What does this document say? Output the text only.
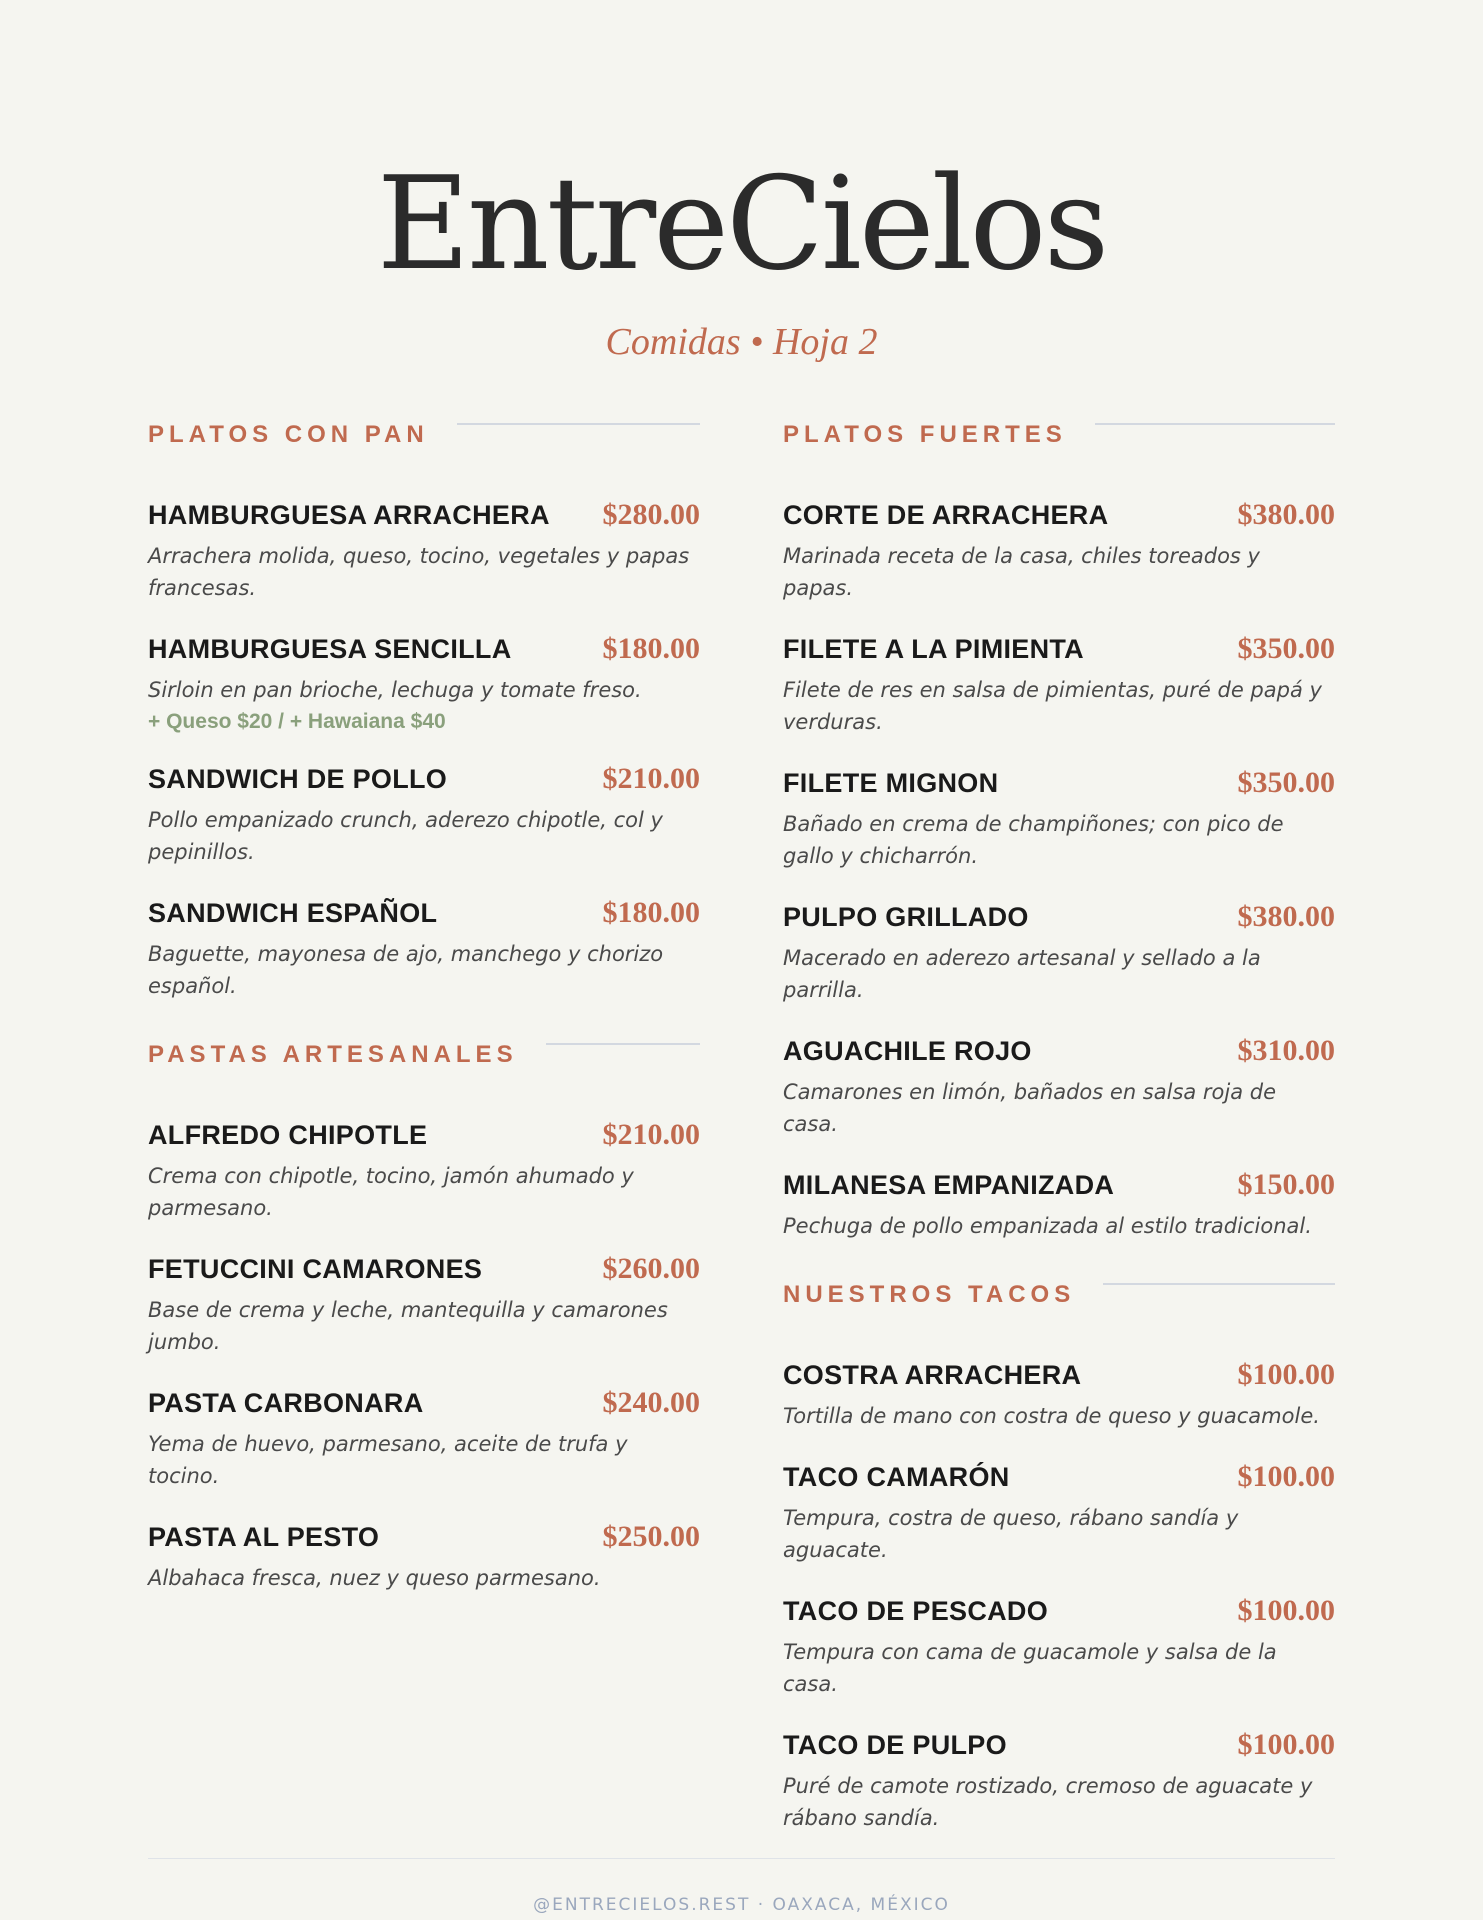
EntreCielos
Comidas • Hoja 2
PLATOS CON PAN
HAMBURGUESA ARRACHERA $280.00
Arrachera molida, queso, tocino, vegetales y papas francesas.
HAMBURGUESA SENCILLA	$180.00
Sirloin en pan brioche, lechuga y tomate freso.
+ Queso $20 / + Hawaiana $40
SANDWICH DE POLLO	$210.00
Pollo empanizado crunch, aderezo chipotle, col y pepinillos.
SANDWICH ESPAÑOL	$180.00
Baguette, mayonesa de ajo, manchego y chorizo español.
PASTAS ARTESANALES
ALFREDO CHIPOTLE	$210.00
Crema con chipotle, tocino, jamón ahumado y parmesano.
FETUCCINI CAMARONES	$260.00
Base de crema y leche, mantequilla y camarones jumbo.
PASTA CARBONARA	$240.00
Yema de huevo, parmesano, aceite de trufa y tocino.
PASTA AL PESTO	$250.00
Albahaca fresca, nuez y queso parmesano.
PLATOS FUERTES
CORTE DE ARRACHERA	$380.00
Marinada receta de la casa, chiles toreados y papas.
FILETE A LA PIMIENTA	$350.00
Filete de res en salsa de pimientas, puré de papá y verduras.
FILETE MIGNON	$350.00
Bañado en crema de champiñones; con pico de gallo y chicharrón.
PULPO GRILLADO	$380.00
Macerado en aderezo artesanal y sellado a la parrilla.
AGUACHILE ROJO	$310.00
Camarones en limón, bañados en salsa roja de casa.
MILANESA EMPANIZADA	$150.00
Pechuga de pollo empanizada al estilo tradicional.
NUESTROS TACOS
COSTRA ARRACHERA	$100.00
Tortilla de mano con costra de queso y guacamole.
TACO CAMARÓN	$100.00
Tempura, costra de queso, rábano sandía y aguacate.
TACO DE PESCADO	$100.00
Tempura con cama de guacamole y salsa de la casa.
TACO DE PULPO	$100.00
Puré de camote rostizado, cremoso de aguacate y rábano sandía.
@ENTRECIELOS.REST · OAXACA, MÉXICO
